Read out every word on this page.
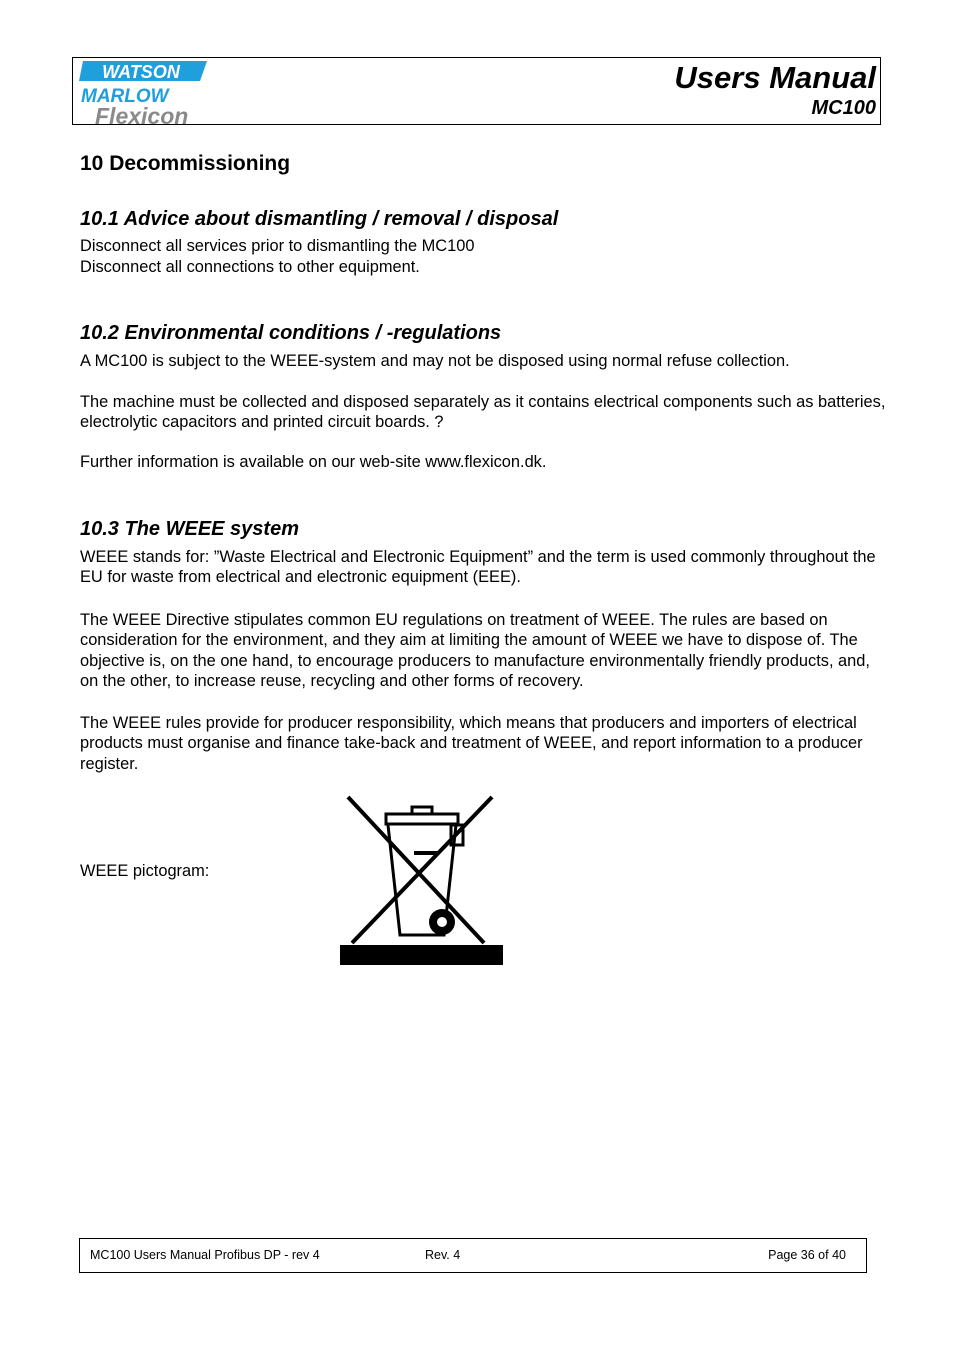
WATSON
MARLOW
Flexicon
Users Manual
MC100
10 Decommissioning
10.1 Advice about dismantling / removal / disposal

Disconnect all services prior to dismantling the MC100

Disconnect all connections to other equipment.

10.2 Environmental conditions / -regulations

A MC100 is subject to the WEEE-system and may not be disposed using normal refuse collection.

The machine must be collected and disposed separately as it contains electrical components such as batteries, electrolytic capacitors and printed circuit boards. ?

Further information is available on our web-site www.flexicon.dk.

10.3 The WEEE system

WEEE stands for: ”Waste Electrical and Electronic Equipment” and the term is used commonly throughout the EU for waste from electrical and electronic equipment (EEE).

The WEEE Directive stipulates common EU regulations on treatment of WEEE. The rules are based on consideration for the environment, and they aim at limiting the amount of WEEE we have to dispose of. The objective is, on the one hand, to encourage producers to manufacture environmentally friendly products, and, on the other, to increase reuse, recycling and other forms of recovery.

The WEEE rules provide for producer responsibility, which means that producers and importers of electrical products must organise and finance take-back and treatment of WEEE, and report information to a producer register.

WEEE pictogram:
MC100 Users Manual Profibus DP - rev 4	Rev. 4	Page 36 of 40
